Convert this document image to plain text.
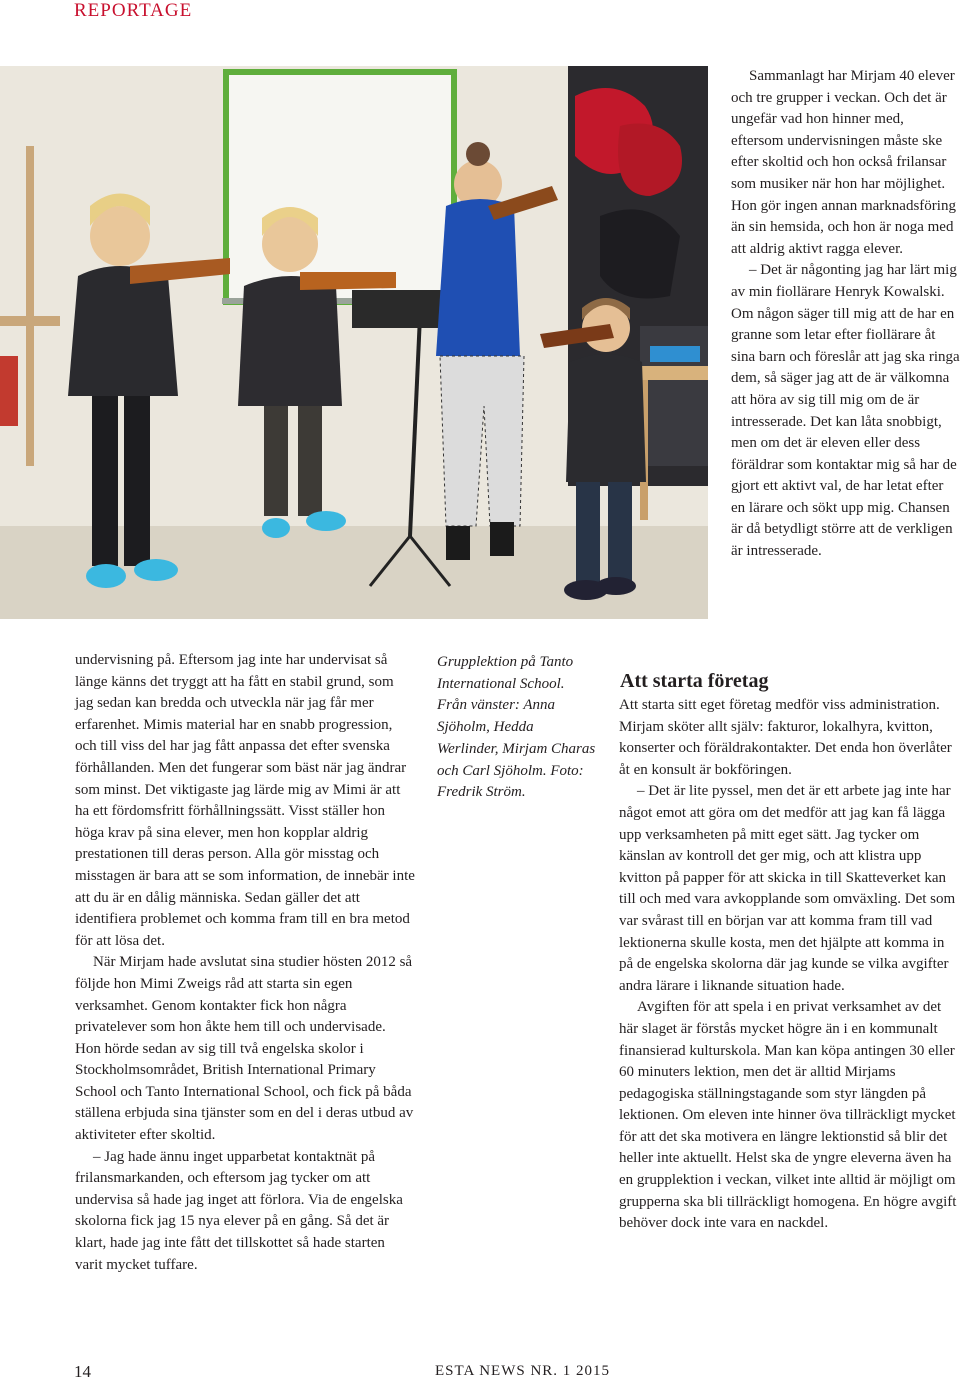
REPORTAGE

undervisning på. Eftersom jag inte har undervisat så länge känns det tryggt att ha fått en stabil grund, som jag sedan kan bredda och utveckla när jag får mer erfarenhet. Mimis material har en snabb progression, och till viss del har jag fått anpassa det efter svenska förhållanden. Men det fungerar som bäst när jag ändrar som minst. Det viktigaste jag lärde mig av Mimi är att ha ett fördomsfritt förhållningssätt. Visst ställer hon höga krav på sina elever, men hon kopplar aldrig prestationen till deras person. Alla gör misstag och misstagen är bara att se som information, de innebär inte att du är en dålig människa. Sedan gäller det att identifiera problemet och komma fram till en bra metod för att lösa det.

När Mirjam hade avslutat sina studier hösten 2012 så följde hon Mimi Zweigs råd att starta sin egen verksamhet. Genom kontakter fick hon några privatelever som hon åkte hem till och undervisade. Hon hörde sedan av sig till två engelska skolor i Stockholmsområdet, British International Primary School och Tanto International School, och fick på båda ställena erbjuda sina tjänster som en del i deras utbud av aktiviteter efter skoltid.

– Jag hade ännu inget upparbetat kontaktnät på frilansmarkanden, och eftersom jag tycker om att undervisa så hade jag inget att förlora. Via de engelska skolorna fick jag 15 nya elever på en gång. Så det är klart, hade jag inte fått det tillskottet så hade starten varit mycket tuffare.

Grupplektion på Tanto International School. Från vänster: Anna Sjöholm, Hedda Werlinder, Mirjam Charas och Carl Sjöholm. Foto: Fredrik Ström.

Sammanlagt har Mirjam 40 elever och tre grupper i veckan. Och det är ungefär vad hon hinner med, eftersom undervisningen måste ske efter skoltid och hon också frilansar som musiker när hon har möjlighet. Hon gör ingen annan marknadsföring än sin hemsida, och hon är noga med att aldrig aktivt ragga elever.

– Det är någonting jag har lärt mig av min fiollärare Henryk Kowalski. Om någon säger till mig att de har en granne som letar efter fiollärare åt sina barn och föreslår att jag ska ringa dem, så säger jag att de är välkomna att höra av sig till mig om de är intresserade. Det kan låta snobbigt, men om det är eleven eller dess föräldrar som kontaktar mig så har de gjort ett aktivt val, de har letat efter en lärare och sökt upp mig. Chansen är då betydligt större att de verkligen är intresserade.

Att starta företag

Att starta sitt eget företag medför viss administration. Mirjam sköter allt själv: fakturor, lokalhyra, kvitton, konserter och föräldrakontakter. Det enda hon överlåter åt en konsult är bokföringen.

– Det är lite pyssel, men det är ett arbete jag inte har något emot att göra om det medför att jag kan få lägga upp verksamheten på mitt eget sätt. Jag tycker om känslan av kontroll det ger mig, och att klistra upp kvitton på papper för att skicka in till Skatteverket kan till och med vara avkopplande som omväxling. Det som var svårast till en början var att komma fram till vad lektionerna skulle kosta, men det hjälpte att komma in på de engelska skolorna där jag kunde se vilka avgifter andra lärare i liknande situation hade.

Avgiften för att spela i en privat verksamhet av det här slaget är förstås mycket högre än i en kommunalt finansierad kulturskola. Man kan köpa antingen 30 eller 60 minuters lektion, men det är alltid Mirjams pedagogiska ställningstagande som styr längden på lektionen. Om eleven inte hinner öva tillräckligt mycket för att det ska motivera en längre lektionstid så blir det heller inte aktuellt. Helst ska de yngre eleverna även ha en grupplektion i veckan, vilket inte alltid är möjligt om grupperna ska bli tillräckligt homogena. En högre avgift behöver dock inte vara en nackdel.

14	ESTA NEWS NR. 1 2015
